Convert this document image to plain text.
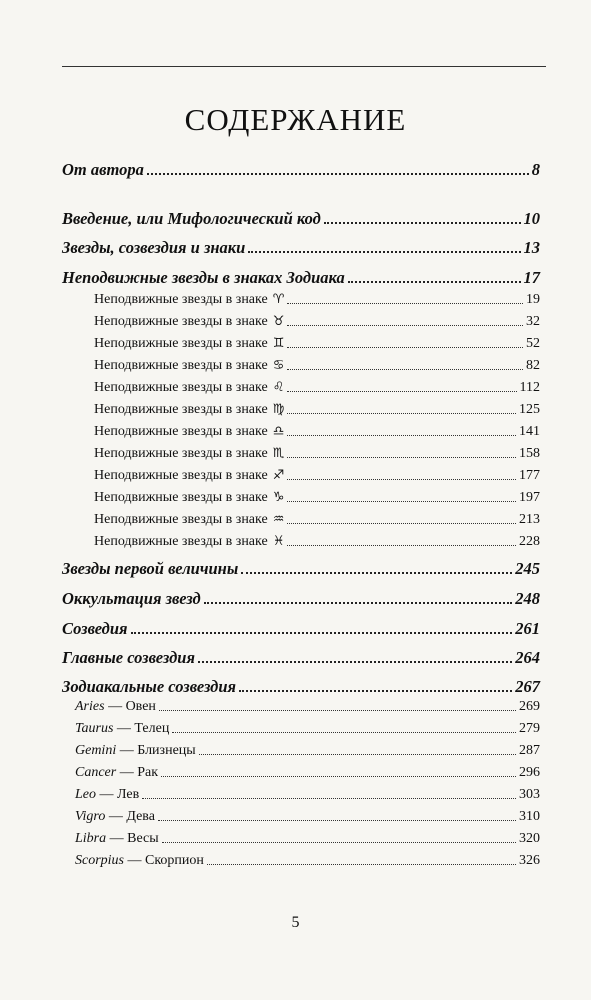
СОДЕРЖАНИЕ
От автора	8
Введение, или Мифологический код	10
Звезды, созвездия и знаки	13
Неподвижные звезды в знаках Зодиака	17
Неподвижные звезды в знаке ♈	19
Неподвижные звезды в знаке ♉	32
Неподвижные звезды в знаке ♊	52
Неподвижные звезды в знаке ♋	82
Неподвижные звезды в знаке ♌	112
Неподвижные звезды в знаке ♍	125
Неподвижные звезды в знаке ♎	141
Неподвижные звезды в знаке ♏	158
Неподвижные звезды в знаке ♐	177
Неподвижные звезды в знаке ♑	197
Неподвижные звезды в знаке ♒	213
Неподвижные звезды в знаке ♓	228
Звезды первой величины	245
Оккультация звезд	248
Созведия	261
Главные созвездия	264
Зодиакальные созвездия	267
Aries — Овен	269
Taurus — Телец	279
Gemini — Близнецы	287
Cancer — Рак	296
Leo — Лев	303
Vigro — Дева	310
Libra — Весы	320
Scorpius — Скорпион	326
5
